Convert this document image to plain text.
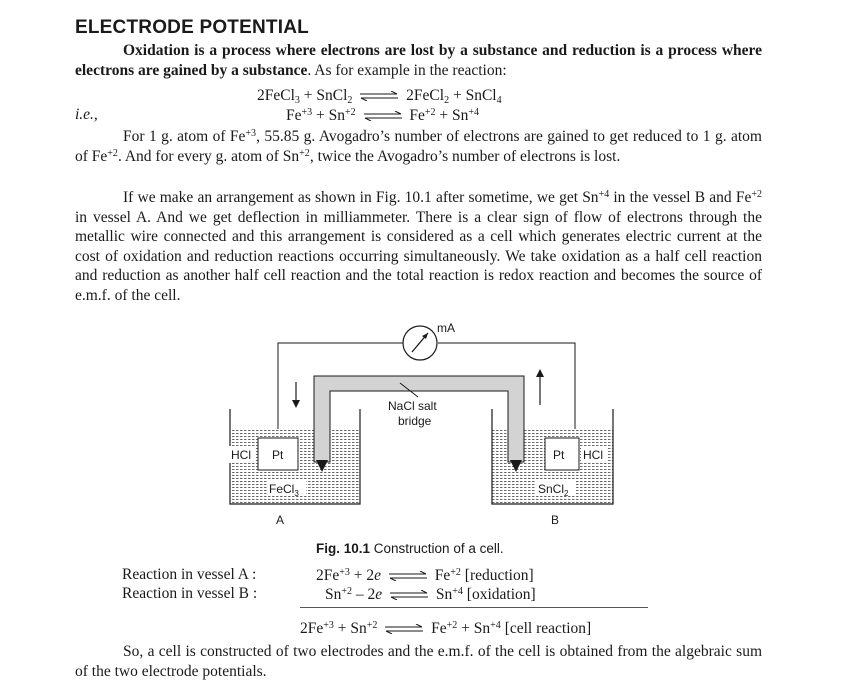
ELECTRODE POTENTIAL
Oxidation is a process where electrons are lost by a substance and reduction is a process where electrons are gained by a substance. As for example in the reaction:
2FeCl$_3$ + SnCl$_2$ ⇌ 2FeCl$_2$ + SnCl$_4$
i.e.,	$Fe^{+3} + Sn^{+2}$ ⇌ $Fe^{+2} + Sn^{+4}$
For 1 g. atom of $Fe^{+3}$, 55.85 g. Avogadro’s number of electrons are gained to get reduced to 1 g. atom of $Fe^{+2}$. And for every g. atom of $Sn^{+2}$, twice the Avogadro’s number of electrons is lost.
If we make an arrangement as shown in Fig. 10.1 after sometime, we get $Sn^{+4}$ in the vessel B and $Fe^{+2}$ in vessel A. And we get deflection in milliammeter. There is a clear sign of flow of electrons through the metallic wire connected and this arrangement is considered as a cell which generates electric current at the cost of oxidation and reduction reactions occurring simultaneously. We take oxidation as a half cell reaction and reduction as another half cell reaction and the total reaction is redox reaction and becomes the source of e.m.f. of the cell.
mA
NaCl salt
bridge
HCl Pt
FeCl$_3$
A
Pt HCl
SnCl$_2$
B
Fig. 10.1 Construction of a cell.
Reaction in vessel A :	$2Fe^{+3} + 2e$ ⇌ $Fe^{+2}$ [reduction]
Reaction in vessel B :	$Sn^{+2} - 2e$ ⇌ $Sn^{+4}$ [oxidation]
$2Fe^{+3} + Sn^{+2}$ ⇌ $Fe^{+2} + Sn^{+4}$ [cell reaction]
So, a cell is constructed of two electrodes and the e.m.f. of the cell is obtained from the algebraic sum of the two electrode potentials.
